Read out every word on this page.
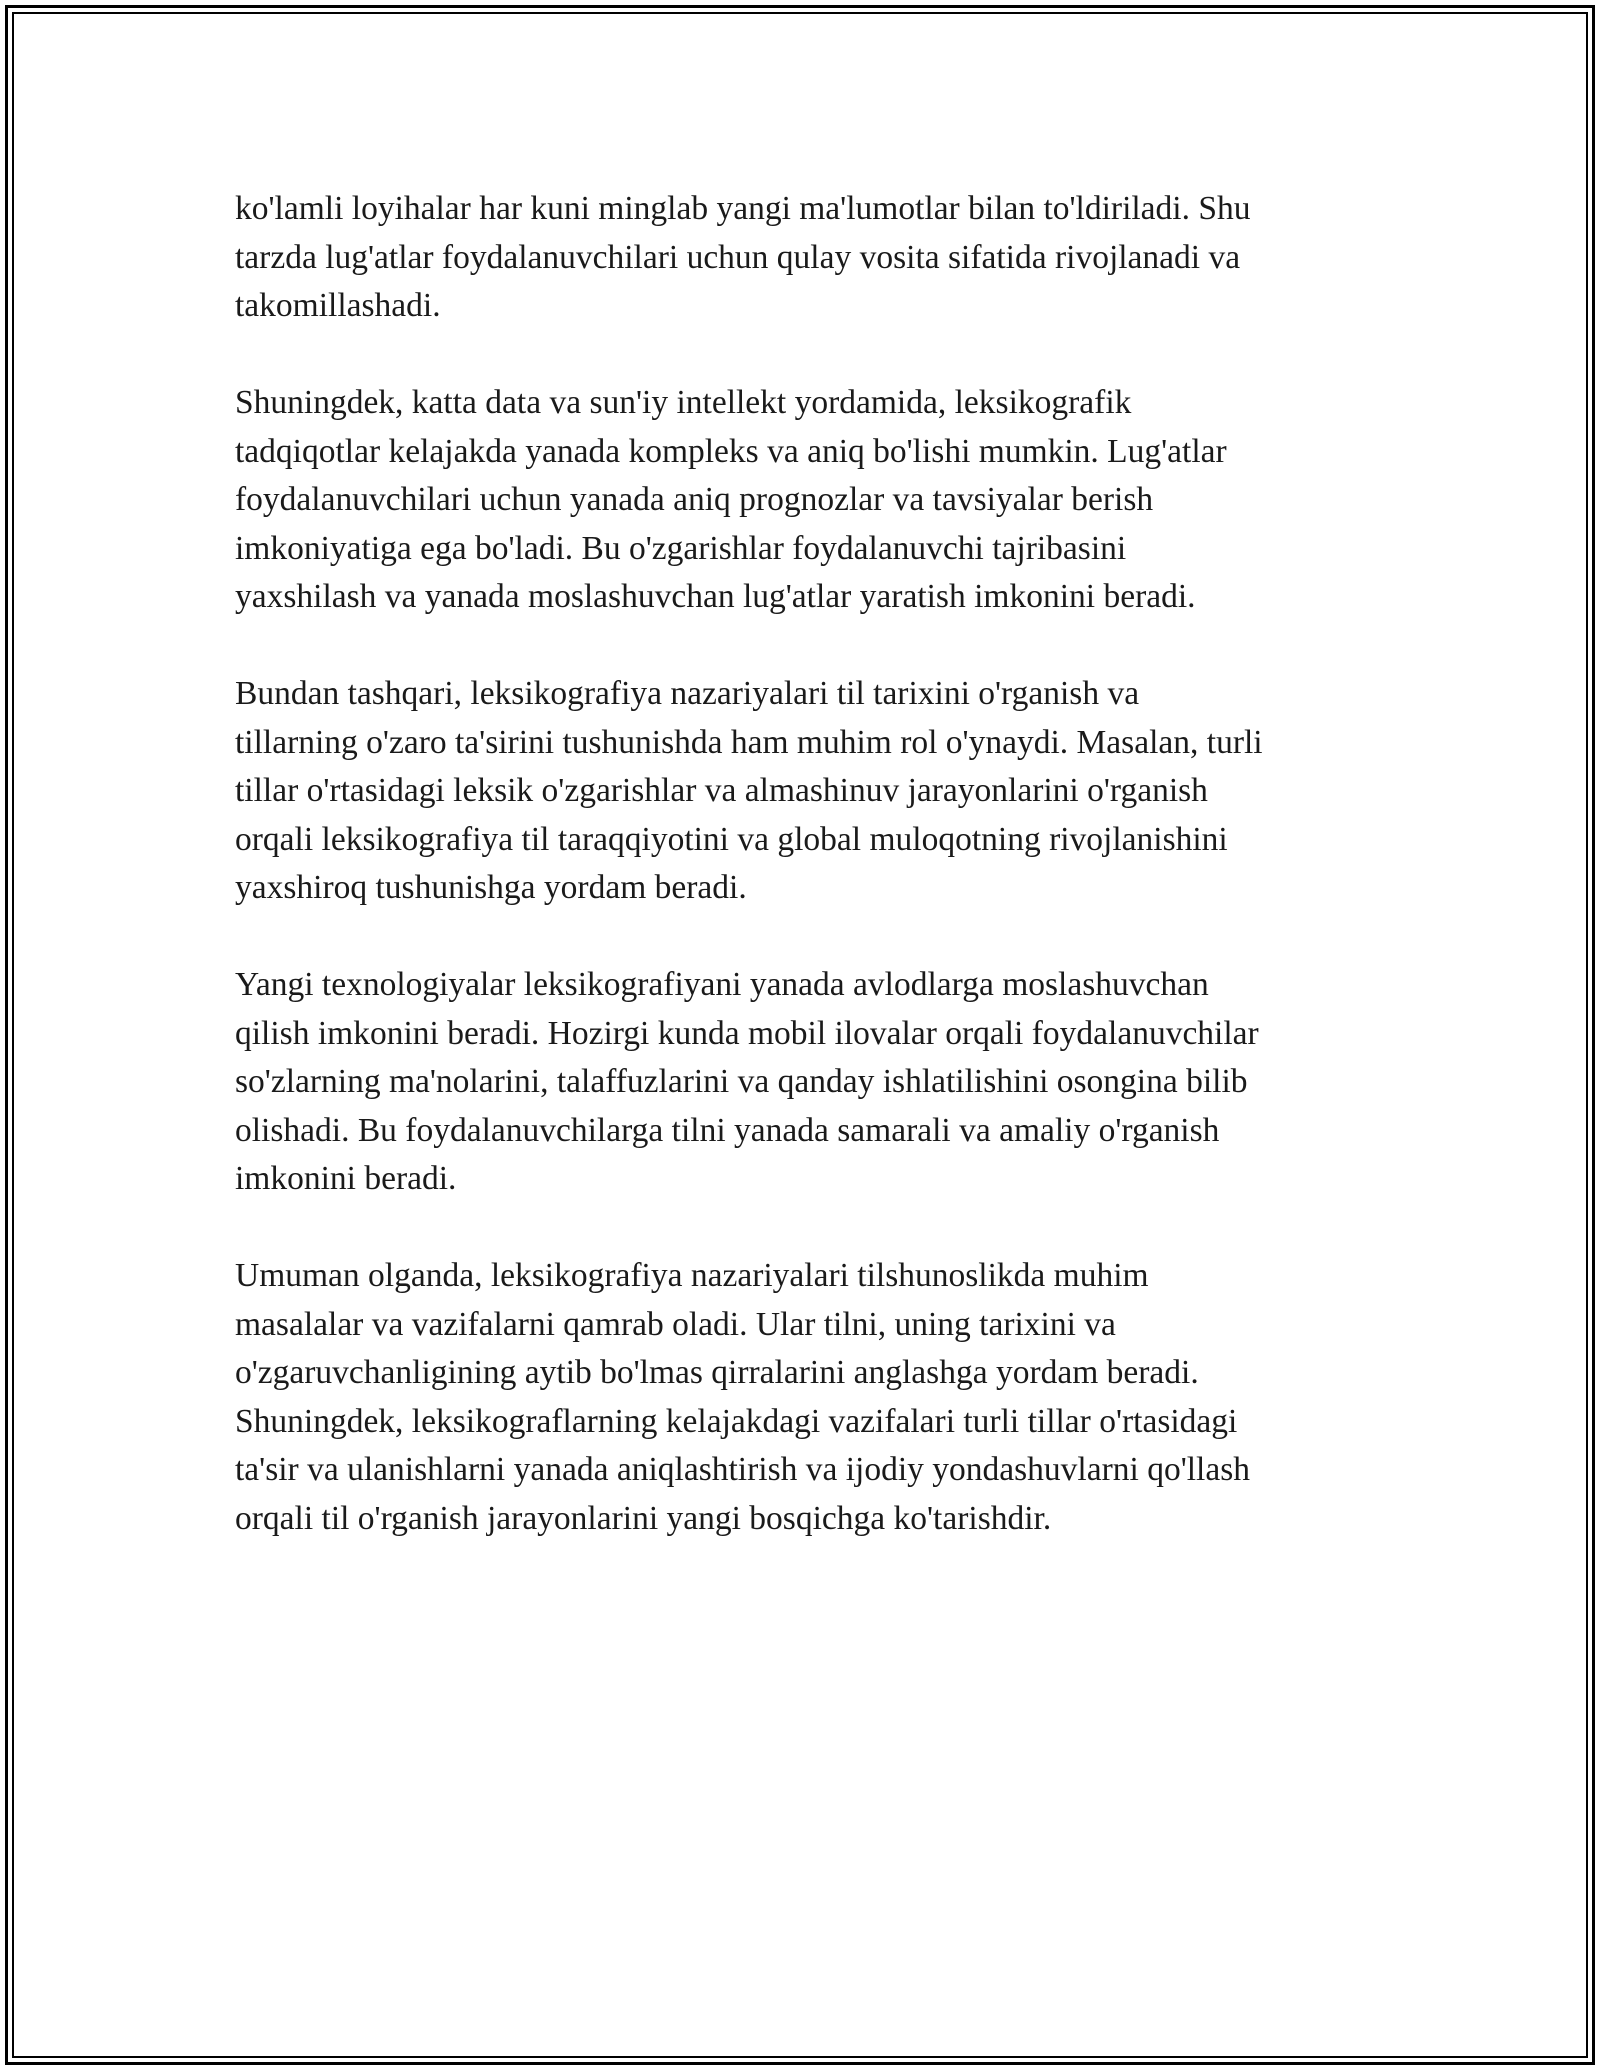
ko'lamli loyihalar har kuni minglab yangi ma'lumotlar bilan to'ldiriladi. Shu
tarzda lug'atlar foydalanuvchilari uchun qulay vosita sifatida rivojlanadi va
takomillashadi.

Shuningdek, katta data va sun'iy intellekt yordamida, leksikografik
tadqiqotlar kelajakda yanada kompleks va aniq bo'lishi mumkin. Lug'atlar
foydalanuvchilari uchun yanada aniq prognozlar va tavsiyalar berish
imkoniyatiga ega bo'ladi. Bu o'zgarishlar foydalanuvchi tajribasini
yaxshilash va yanada moslashuvchan lug'atlar yaratish imkonini beradi.

Bundan tashqari, leksikografiya nazariyalari til tarixini o'rganish va
tillarning o'zaro ta'sirini tushunishda ham muhim rol o'ynaydi. Masalan, turli
tillar o'rtasidagi leksik o'zgarishlar va almashinuv jarayonlarini o'rganish
orqali leksikografiya til taraqqiyotini va global muloqotning rivojlanishini
yaxshiroq tushunishga yordam beradi.

Yangi texnologiyalar leksikografiyani yanada avlodlarga moslashuvchan
qilish imkonini beradi. Hozirgi kunda mobil ilovalar orqali foydalanuvchilar
so'zlarning ma'nolarini, talaffuzlarini va qanday ishlatilishini osongina bilib
olishadi. Bu foydalanuvchilarga tilni yanada samarali va amaliy o'rganish
imkonini beradi.

Umuman olganda, leksikografiya nazariyalari tilshunoslikda muhim
masalalar va vazifalarni qamrab oladi. Ular tilni, uning tarixini va
o'zgaruvchanligining aytib bo'lmas qirralarini anglashga yordam beradi.
Shuningdek, leksikograflarning kelajakdagi vazifalari turli tillar o'rtasidagi
ta'sir va ulanishlarni yanada aniqlashtirish va ijodiy yondashuvlarni qo'llash
orqali til o'rganish jarayonlarini yangi bosqichga ko'tarishdir.
